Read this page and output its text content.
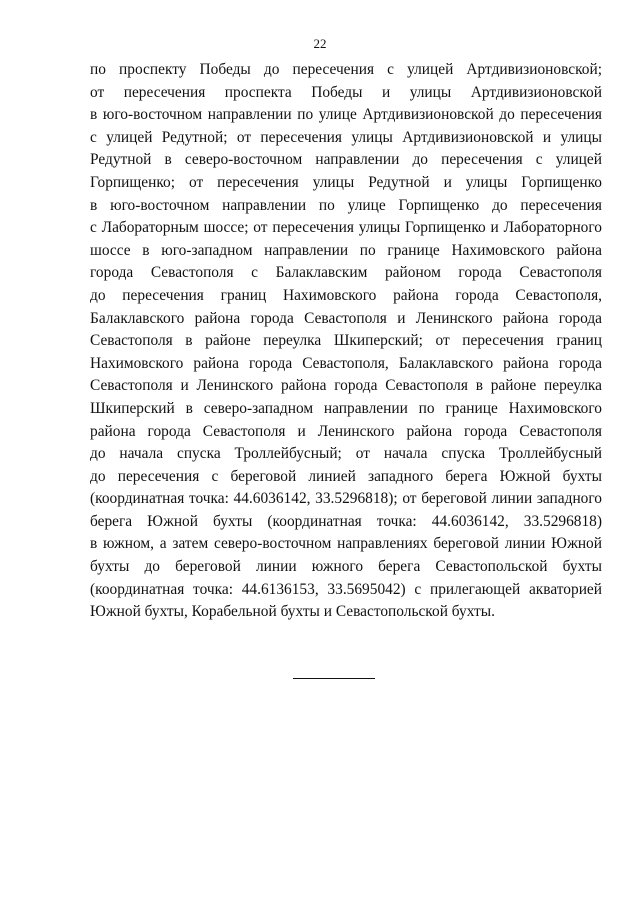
22
по проспекту Победы до пересечения с улицей Артдивизионовской;
от пересечения проспекта Победы и улицы Артдивизионовской
в юго-восточном направлении по улице Артдивизионовской до пересечения
с улицей Редутной; от пересечения улицы Артдивизионовской и улицы
Редутной в северо-восточном направлении до пересечения с улицей
Горпищенко; от пересечения улицы Редутной и улицы Горпищенко
в юго-восточном направлении по улице Горпищенко до пересечения
с Лабораторным шоссе; от пересечения улицы Горпищенко и Лабораторного
шоссе в юго-западном направлении по границе Нахимовского района
города Севастополя с Балаклавским районом города Севастополя
до пересечения границ Нахимовского района города Севастополя,
Балаклавского района города Севастополя и Ленинского района города
Севастополя в районе переулка Шкиперский; от пересечения границ
Нахимовского района города Севастополя, Балаклавского района города
Севастополя и Ленинского района города Севастополя в районе переулка
Шкиперский в северо-западном направлении по границе Нахимовского
района города Севастополя и Ленинского района города Севастополя
до начала спуска Троллейбусный; от начала спуска Троллейбусный
до пересечения с береговой линией западного берега Южной бухты
(координатная точка: 44.6036142, 33.5296818); от береговой линии западного
берега Южной бухты (координатная точка: 44.6036142, 33.5296818)
в южном, а затем северо-восточном направлениях береговой линии Южной
бухты до береговой линии южного берега Севастопольской бухты
(координатная точка: 44.6136153, 33.5695042) с прилегающей акваторией
Южной бухты, Корабельной бухты и Севастопольской бухты.
